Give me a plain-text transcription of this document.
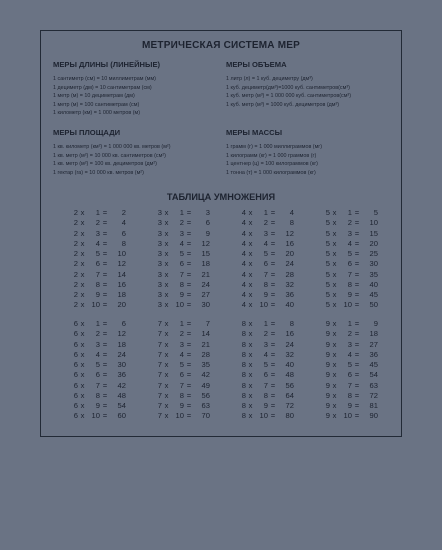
МЕТРИЧЕСКАЯ СИСТЕМА МЕР
МЕРЫ ДЛИНЫ (ЛИНЕЙНЫЕ)
1 сантиметр (см) = 10 миллиметрам (мм)
1 дециметр (дм) = 10 сантиметрам (см)
1 метр (м) = 10 дециметрам (дм)
1 метр (м) = 100 сантиметрам (см)
1 километр (км) = 1 000 метров (м)
МЕРЫ ОБЪЕМА
1 литр (л) = 1 куб. дециметру (дм³)
1 куб. дециметр(дм³)=1000 куб. сантиметров(см³)
1 куб. метр (м³) = 1 000 000 куб. сантиметров(см³)
1 куб. метр (м³) = 1000 куб. дециметров (дм³)
МЕРЫ ПЛОЩАДИ
1 кв. километр (км²) = 1 000 000 кв. метров (м²)
1 кв. метр (м²) = 10 000 кв. сантиметров (см²)
1 кв. метр (м²) = 100 кв. дециметров (дм²)
1 гектар (га) = 10 000 кв. метров (м²)
МЕРЫ МАССЫ
1 грамм (г) = 1 000 миллиграммов (мг)
1 килограмм (кг) = 1 000 граммов (г)
1 центнер (ц) = 100 килограммов (кг)
1 тонна (т) = 1 000 килограммов (кг)
ТАБЛИЦА УМНОЖЕНИЯ
2 x	1 =	2
2 x	2 =	4
2 x	3 =	6
2 x	4 =	8
2 x	5 =	10
2 x	6 =	12
2 x	7 =	14
2 x	8 =	16
2 x	9 =	18
2 x 10 =	20
3 x	1 =	3
3 x	2 =	6
3 x	3 =	9
3 x	4 =	12
3 x	5 =	15
3 x	6 =	18
3 x	7 =	21
3 x	8 =	24
3 x	9 =	27
3 x 10 =	30
4 x	1 =	4
4 x	2 =	8
4 x	3 =	12
4 x	4 =	16
4 x	5 =	20
4 x	6 =	24
4 x	7 =	28
4 x	8 =	32
4 x	9 =	36
4 x 10 =	40
5 x	1 =	5
5 x	2 =	10
5 x	3 =	15
5 x	4 =	20
5 x	5 =	25
5 x	6 =	30
5 x	7 =	35
5 x	8 =	40
5 x	9 =	45
5 x 10 =	50
6 x	1 =	6
6 x	2 =	12
6 x	3 =	18
6 x	4 =	24
6 x	5 =	30
6 x	6 =	36
6 x	7 =	42
6 x	8 =	48
6 x	9 =	54
6 x 10 =	60
7 x	1 =	7
7 x	2 =	14
7 x	3 =	21
7 x	4 =	28
7 x	5 =	35
7 x	6 =	42
7 x	7 =	49
7 x	8 =	56
7 x	9 =	63
7 x 10 =	70
8 x	1 =	8
8 x	2 =	16
8 x	3 =	24
8 x	4 =	32
8 x	5 =	40
8 x	6 =	48
8 x	7 =	56
8 x	8 =	64
8 x	9 =	72
8 x 10 =	80
9 x	1 =	9
9 x	2 =	18
9 x	3 =	27
9 x	4 =	36
9 x	5 =	45
9 x	6 =	54
9 x	7 =	63
9 x	8 =	72
9 x	9 =	81
9 x 10 =	90
